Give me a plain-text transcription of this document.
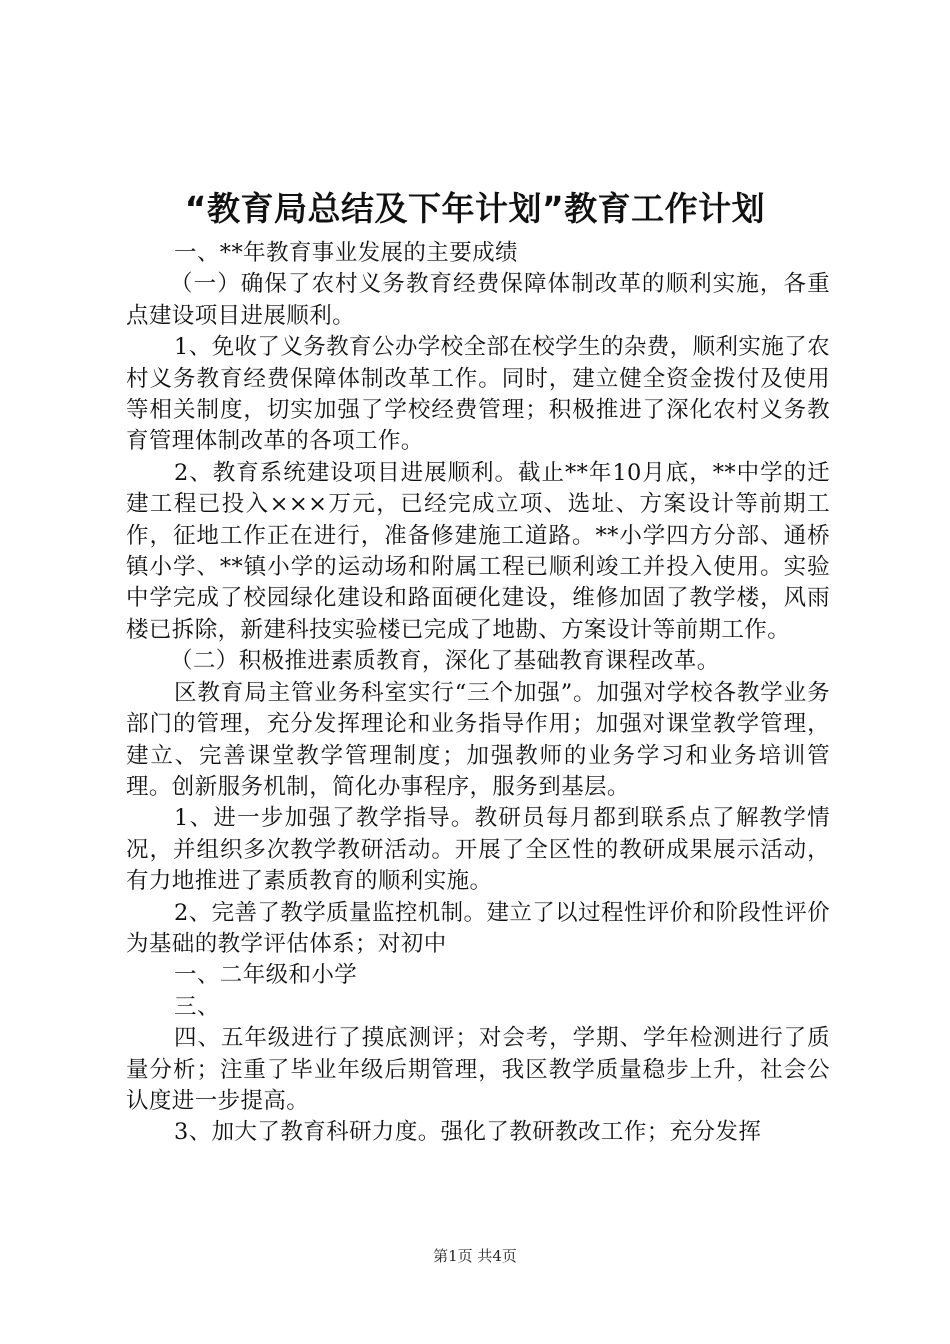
“教育局总结及下年计划”教育工作计划

一、**年教育事业发展的主要成绩

（一）确保了农村义务教育经费保障体制改革的顺利实施，各重点建设项目进展顺利。

1、免收了义务教育公办学校全部在校学生的杂费，顺利实施了农村义务教育经费保障体制改革工作。同时，建立健全资金拨付及使用等相关制度，切实加强了学校经费管理；积极推进了深化农村义务教育管理体制改革的各项工作。

2、教育系统建设项目进展顺利。截止**年10月底，**中学的迁建工程已投入×××万元，已经完成立项、选址、方案设计等前期工作，征地工作正在进行，准备修建施工道路。**小学四方分部、通桥镇小学、**镇小学的运动场和附属工程已顺利竣工并投入使用。实验中学完成了校园绿化建设和路面硬化建设，维修加固了教学楼，风雨楼已拆除，新建科技实验楼已完成了地勘、方案设计等前期工作。

（二）积极推进素质教育，深化了基础教育课程改革。

区教育局主管业务科室实行“三个加强”。加强对学校各教学业务部门的管理，充分发挥理论和业务指导作用；加强对课堂教学管理，建立、完善课堂教学管理制度；加强教师的业务学习和业务培训管理。创新服务机制，简化办事程序，服务到基层。

1、进一步加强了教学指导。教研员每月都到联系点了解教学情况，并组织多次教学教研活动。开展了全区性的教研成果展示活动，有力地推进了素质教育的顺利实施。

2、完善了教学质量监控机制。建立了以过程性评价和阶段性评价为基础的教学评估体系；对初中

一、二年级和小学

三、

四、五年级进行了摸底测评；对会考，学期、学年检测进行了质量分析；注重了毕业年级后期管理，我区教学质量稳步上升，社会公认度进一步提高。

3、加大了教育科研力度。强化了教研教改工作；充分发挥

第1页 共4页
